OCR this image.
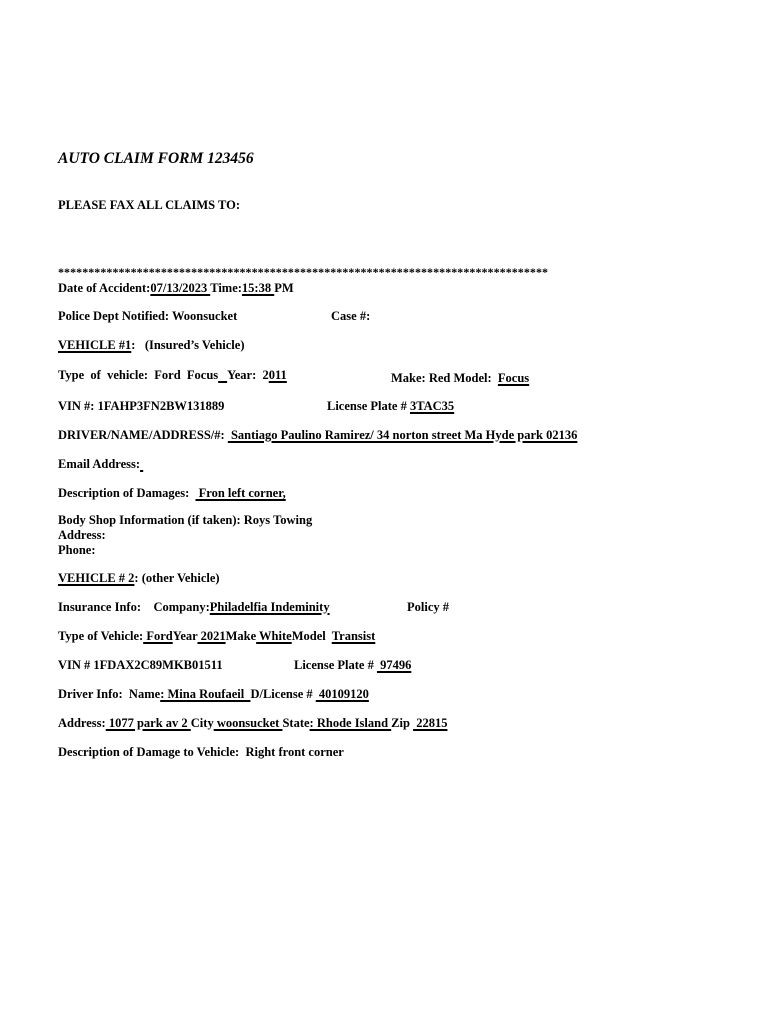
AUTO CLAIM FORM 123456
PLEASE FAX ALL CLAIMS TO:
*********************************************************************************
Date of Accident:07/13/2023 Time:15:38 PM
Police Dept Notified: Woonsucket	Case #:
VEHICLE #1:   (Insured’s Vehicle)
Type  of  vehicle:  Ford  Focus Year:  2011	Make: Red Model:  Focus
VIN #: 1FAHP3FN2BW131889	License Plate # 3TAC35
DRIVER/NAME/ADDRESS/#:  Santiago Paulino Ramirez/ 34 norton street Ma Hyde park 02136
Email Address:
Description of Damages:   Fron left corner,
Body Shop Information (if taken): Roys Towing
Address:
Phone:
VEHICLE # 2: (other Vehicle)
Insurance Info:    Company:Philadelfia Indeminity	Policy #
Type of Vehicle: FordYear 2021Make WhiteModel  Transist
VIN # 1FDAX2C89MKB01511	License Plate #  97496
Driver Info:  Name: Mina Roufaeil  D/License #  40109120
Address: 1077 park av 2 City woonsucket State: Rhode Island Zip  22815
Description of Damage to Vehicle:  Right front corner
